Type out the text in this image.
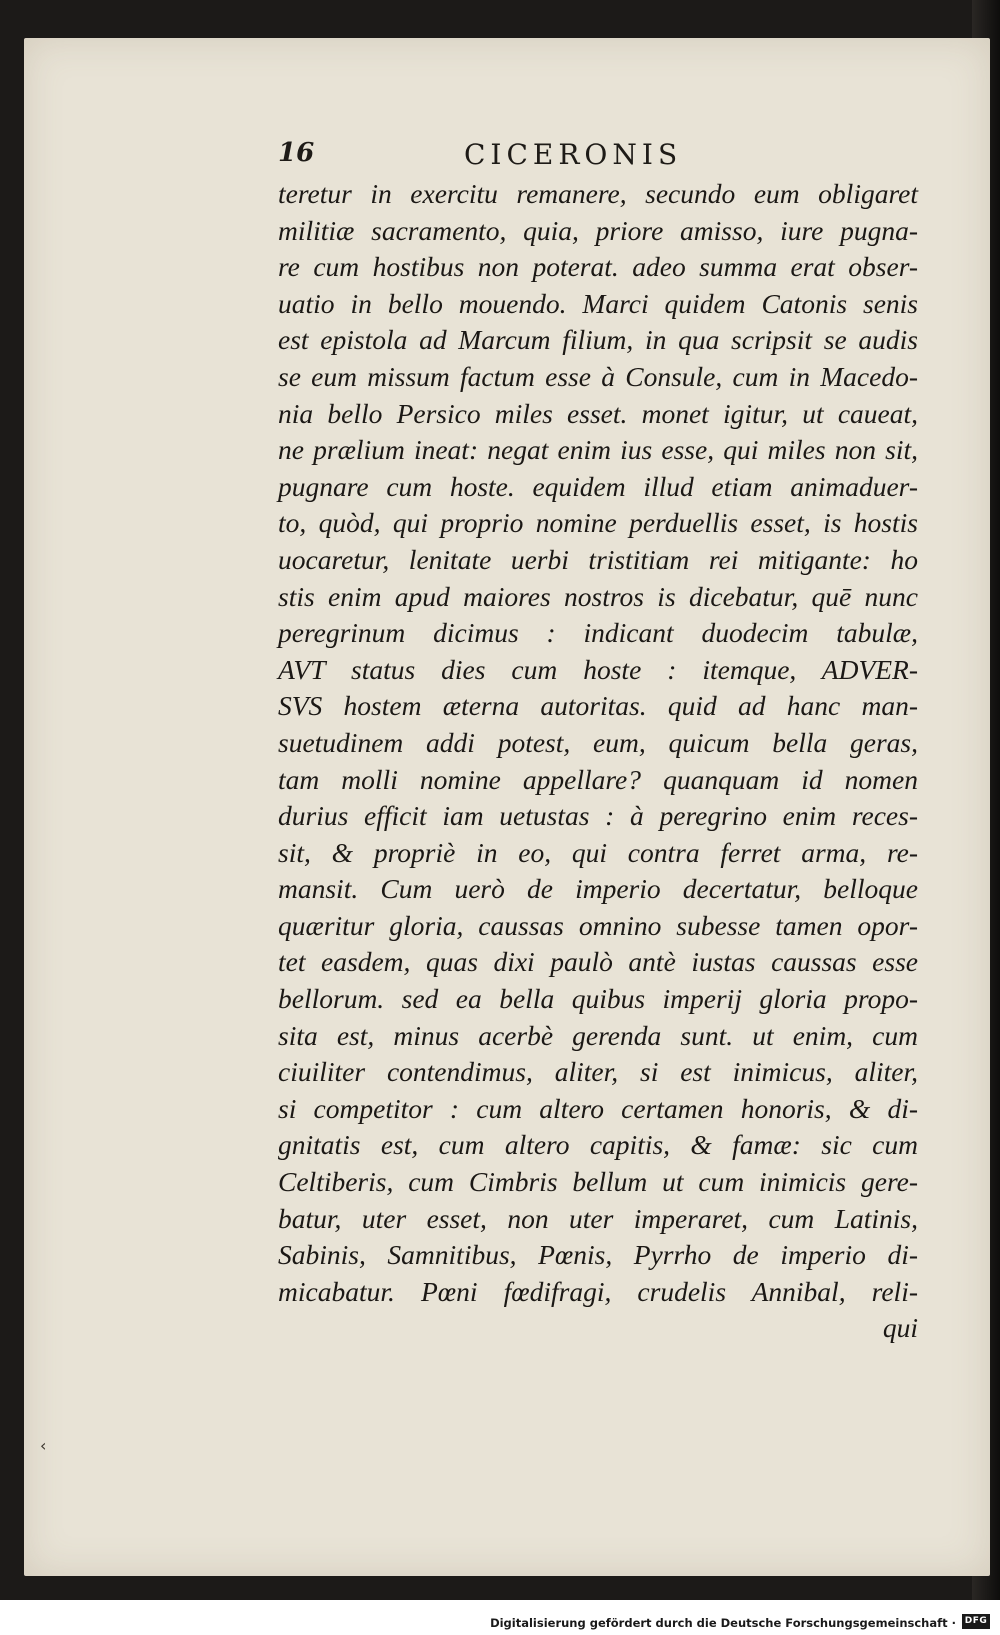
16	CICERONIS
teretur in exercitu remanere, secundo eum obligaret
militiæ sacramento, quia, priore amisso, iure pugna-
re cum hostibus non poterat. adeo summa erat obser-
uatio in bello mouendo. Marci quidem Catonis senis
est epistola ad Marcum filium, in qua scripsit se audis
se eum missum factum esse à Consule, cum in Macedo-
nia bello Persico miles esset. monet igitur, ut caueat,
ne prælium ineat: negat enim ius esse, qui miles non sit,
pugnare cum hoste. equidem illud etiam animaduer-
to, quòd, qui proprio nomine perduellis esset, is hostis
uocaretur, lenitate uerbi tristitiam rei mitigante: ho
stis enim apud maiores nostros is dicebatur, quē nunc
peregrinum dicimus : indicant duodecim tabulæ,
AVT status dies cum hoste : itemque, ADVER-
SVS hostem æterna autoritas. quid ad hanc man-
suetudinem addi potest, eum, quicum bella geras,
tam molli nomine appellare? quanquam id nomen
durius efficit iam uetustas : à peregrino enim reces-
sit, & propriè in eo, qui contra ferret arma, re-
mansit. Cum uerò de imperio decertatur, belloque
quæritur gloria, caussas omnino subesse tamen opor-
tet easdem, quas dixi paulò antè iustas caussas esse
bellorum. sed ea bella quibus imperij gloria propo-
sita est, minus acerbè gerenda sunt. ut enim, cum
ciuiliter contendimus, aliter, si est inimicus, aliter,
si competitor : cum altero certamen honoris, & di-
gnitatis est, cum altero capitis, & famæ: sic cum
Celtiberis, cum Cimbris bellum ut cum inimicis gere-
batur, uter esset, non uter imperaret, cum Latinis,
Sabinis, Samnitibus, Pœnis, Pyrrho de imperio di-
micabatur. Pœni fœdifragi, crudelis Annibal, reli-
qui
‹
Digitalisierung gefördert durch die Deutsche Forschungsgemeinschaft · DFG
